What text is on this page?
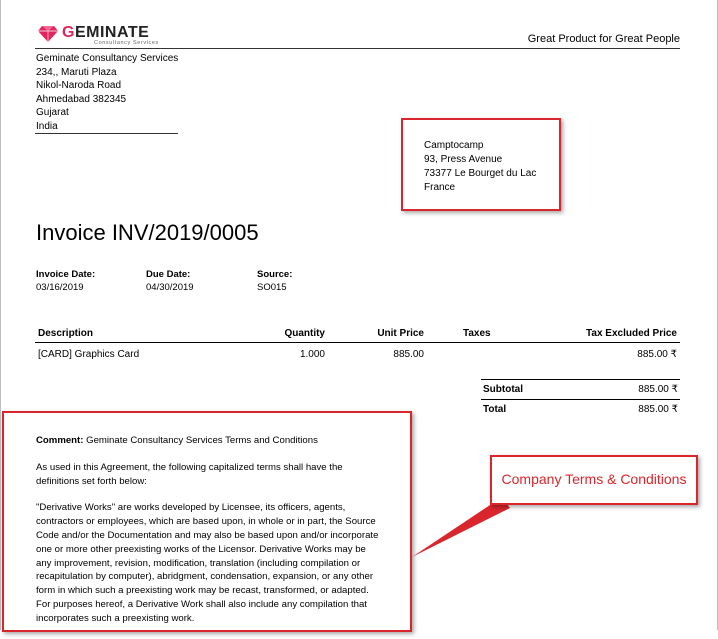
GEMINATE
Consultancy Services	Great Product for Great People
Geminate Consultancy Services
234,, Maruti Plaza
Nikol-Naroda Road
Ahmedabad 382345
Gujarat
India
Camptocamp
93, Press Avenue
73377 Le Bourget du Lac
France
Invoice INV/2019/0005
Invoice Date:
03/16/2019
Due Date:
04/30/2019
Source:
SO015
Description	Quantity	Unit Price	Taxes	Tax Excluded Price
[CARD] Graphics Card	1.000	885.00		885.00 ₹
Subtotal	885.00 ₹
Total	885.00 ₹

Comment: Geminate Consultancy Services Terms and Conditions

As used in this Agreement, the following capitalized terms shall have the definitions set forth below:

"Derivative Works" are works developed by Licensee, its officers, agents, contractors or employees, which are based upon, in whole or in part, the Source Code and/or the Documentation and may also be based upon and/or incorporate one or more other preexisting works of the Licensor. Derivative Works may be any improvement, revision, modification, translation (including compilation or recapitulation by computer), abridgment, condensation, expansion, or any other form in which such a preexisting work may be recast, transformed, or adapted. For purposes hereof, a Derivative Work shall also include any compilation that incorporates such a preexisting work.

Company Terms & Conditions
